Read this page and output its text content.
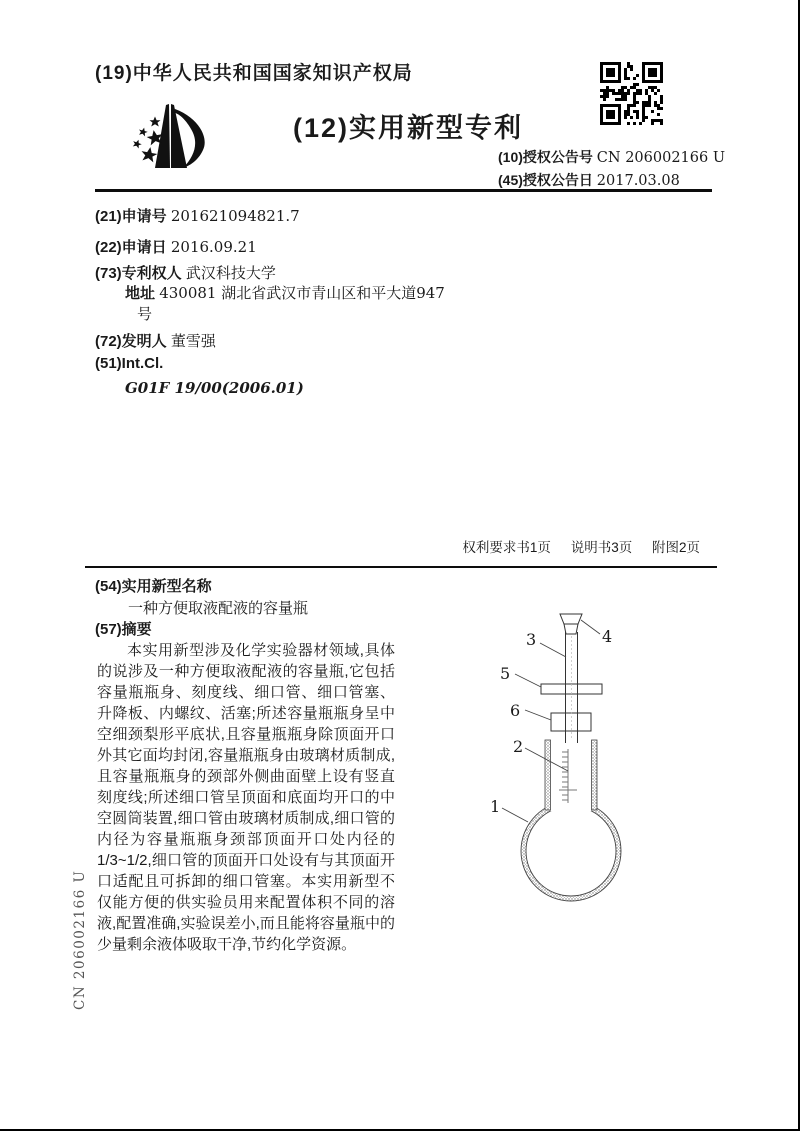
(19)中华人民共和国国家知识产权局
(12)实用新型专利
(10)授权公告号 CN 206002166 U
(45)授权公告日 2017.03.08
(21)申请号 201621094821.7
(22)申请日 2016.09.21
(73)专利权人 武汉科技大学
地址 430081 湖北省武汉市青山区和平大道947号
(72)发明人 董雪强
(51)Int.Cl.
G01F 19/00(2006.01)
权利要求书1页 说明书3页 附图2页
(54)实用新型名称
一种方便取液配液的容量瓶
(57)摘要
本实用新型涉及化学实验器材领域,具体的说涉及一种方便取液配液的容量瓶,它包括容量瓶瓶身、刻度线、细口管、细口管塞、升降板、内螺纹、活塞;所述容量瓶瓶身呈中空细颈梨形平底状,且容量瓶瓶身除顶面开口外其它面均封闭,容量瓶瓶身由玻璃材质制成,且容量瓶瓶身的颈部外侧曲面壁上设有竖直刻度线;所述细口管呈顶面和底面均开口的中空圆筒装置,细口管由玻璃材质制成,细口管的内径为容量瓶瓶身颈部顶面开口处内径的1/3~1/2,细口管的顶面开口处设有与其顶面开口适配且可拆卸的细口管塞。本实用新型不仅能方便的供实验员用来配置体积不同的溶液,配置准确,实验误差小,而且能将容量瓶中的少量剩余液体吸取干净,节约化学资源。
1
2
3	4
5
6
CN 206002166 U
